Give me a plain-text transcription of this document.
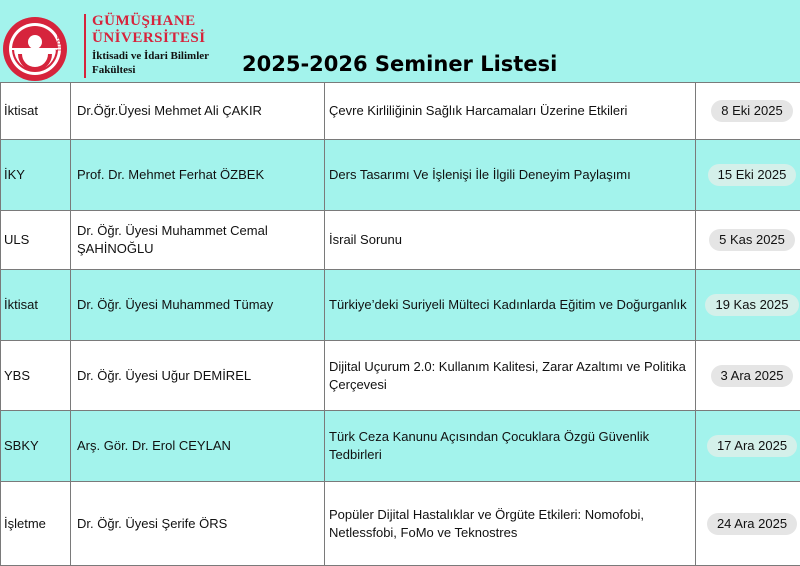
İİBF
GÜMÜŞHANE
ÜNİVERSİTESİ
İktisadi ve İdari Bilimler
Fakültesi	2025-2026 Seminer Listesi
İktisat	Dr.Öğr.Üyesi Mehmet Ali ÇAKIR	Çevre Kirliliğinin Sağlık Harcamaları Üzerine Etkileri	8 Eki 2025
İKY	Prof. Dr. Mehmet Ferhat ÖZBEK	Ders Tasarımı Ve İşlenişi İle İlgili Deneyim Paylaşımı	15 Eki 2025
ULS	Dr. Öğr. Üyesi Muhammet Cemal ŞAHİNOĞLU	İsrail Sorunu	5 Kas 2025
İktisat	Dr. Öğr. Üyesi Muhammed Tümay	Türkiye’deki Suriyeli Mülteci Kadınlarda Eğitim ve Doğurganlık	19 Kas 2025
YBS	Dr. Öğr. Üyesi Uğur DEMİREL	Dijital Uçurum 2.0: Kullanım Kalitesi, Zarar Azaltımı ve Politika Çerçevesi	3 Ara 2025
SBKY	Arş. Gör. Dr. Erol CEYLAN	Türk Ceza Kanunu Açısından Çocuklara Özgü Güvenlik Tedbirleri	17 Ara 2025
İşletme	Dr. Öğr. Üyesi Şerife ÖRS	Popüler Dijital Hastalıklar ve Örgüte Etkileri: Nomofobi, Netlessfobi, FoMo ve Teknostres	24 Ara 2025
